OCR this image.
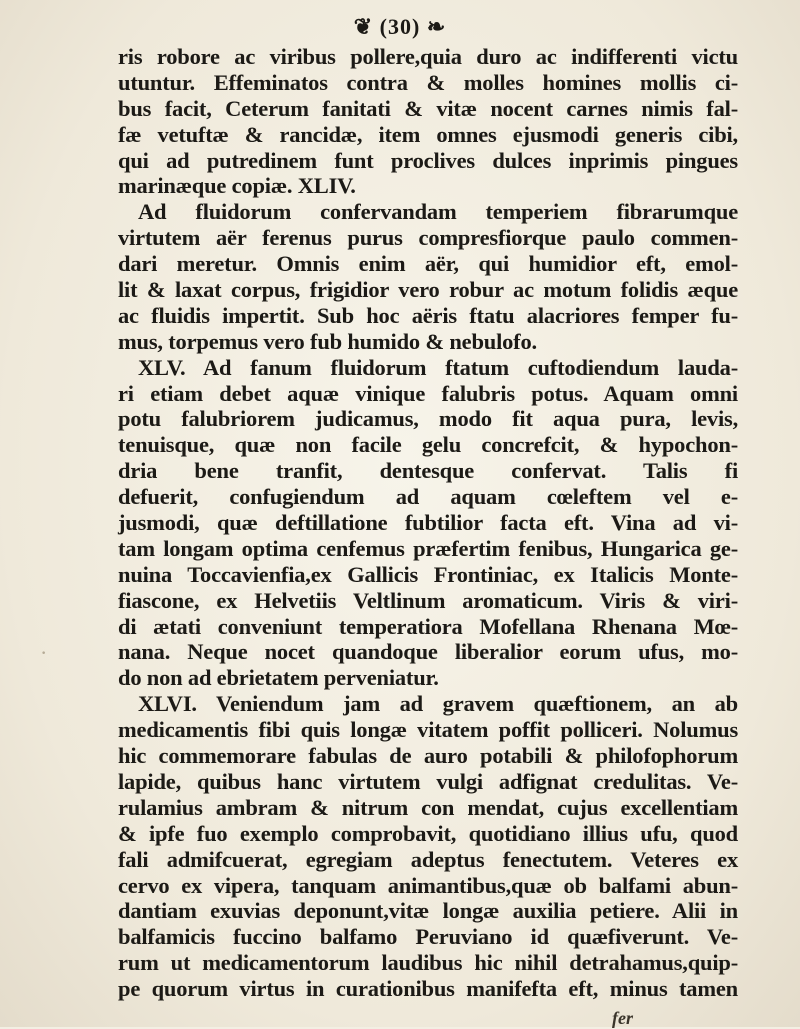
❦ (30) ❧
·
ris robore ac viribus pollere,quia duro ac indifferenti victu
utuntur. Effeminatos contra & molles homines mollis ci-
bus facit, Ceterum fanitati & vitæ nocent carnes nimis fal-
fæ vetuftæ & rancidæ, item omnes ejusmodi generis cibi,
qui ad putredinem funt proclives dulces inprimis pingues
marinæque copiæ. XLIV.
Ad fluidorum confervandam temperiem fibrarumque
virtutem aër ferenus purus compresfiorque paulo commen-
dari meretur. Omnis enim aër, qui humidior eft, emol-
lit & laxat corpus, frigidior vero robur ac motum folidis æque
ac fluidis impertit. Sub hoc aëris ftatu alacriores femper fu-
mus, torpemus vero fub humido & nebulofo.
XLV. Ad fanum fluidorum ftatum cuftodiendum lauda-
ri etiam debet aquæ vinique falubris potus. Aquam omni
potu falubriorem judicamus, modo fit aqua pura, levis,
tenuisque, quæ non facile gelu concrefcit, & hypochon-
dria bene tranfit, dentesque confervat. Talis fi
defuerit, confugiendum ad aquam cœleftem vel e-
jusmodi, quæ deftillatione fubtilior facta eft. Vina ad vi-
tam longam optima cenfemus præfertim fenibus, Hungarica ge-
nuina Toccavienfia,ex Gallicis Frontiniac, ex Italicis Monte-
fiascone, ex Helvetiis Veltlinum aromaticum. Viris & viri-
di ætati conveniunt temperatiora Mofellana Rhenana Mœ-
nana. Neque nocet quandoque liberalior eorum ufus, mo-
do non ad ebrietatem perveniatur.
XLVI. Veniendum jam ad gravem quæftionem, an ab
medicamentis fibi quis longæ vitatem poffit polliceri. Nolumus
hic commemorare fabulas de auro potabili & philofophorum
lapide, quibus hanc virtutem vulgi adfignat credulitas. Ve-
rulamius ambram & nitrum con mendat, cujus excellentiam
& ipfe fuo exemplo comprobavit, quotidiano illius ufu, quod
fali admifcuerat, egregiam adeptus fenectutem. Veteres ex
cervo ex vipera, tanquam animantibus,quæ ob balfami abun-
dantiam exuvias deponunt,vitæ longæ auxilia petiere. Alii in
balfamicis fuccino balfamo Peruviano id quæfiverunt. Ve-
rum ut medicamentorum laudibus hic nihil detrahamus,quip-
pe quorum virtus in curationibus manifefta eft, minus tamen
fer
